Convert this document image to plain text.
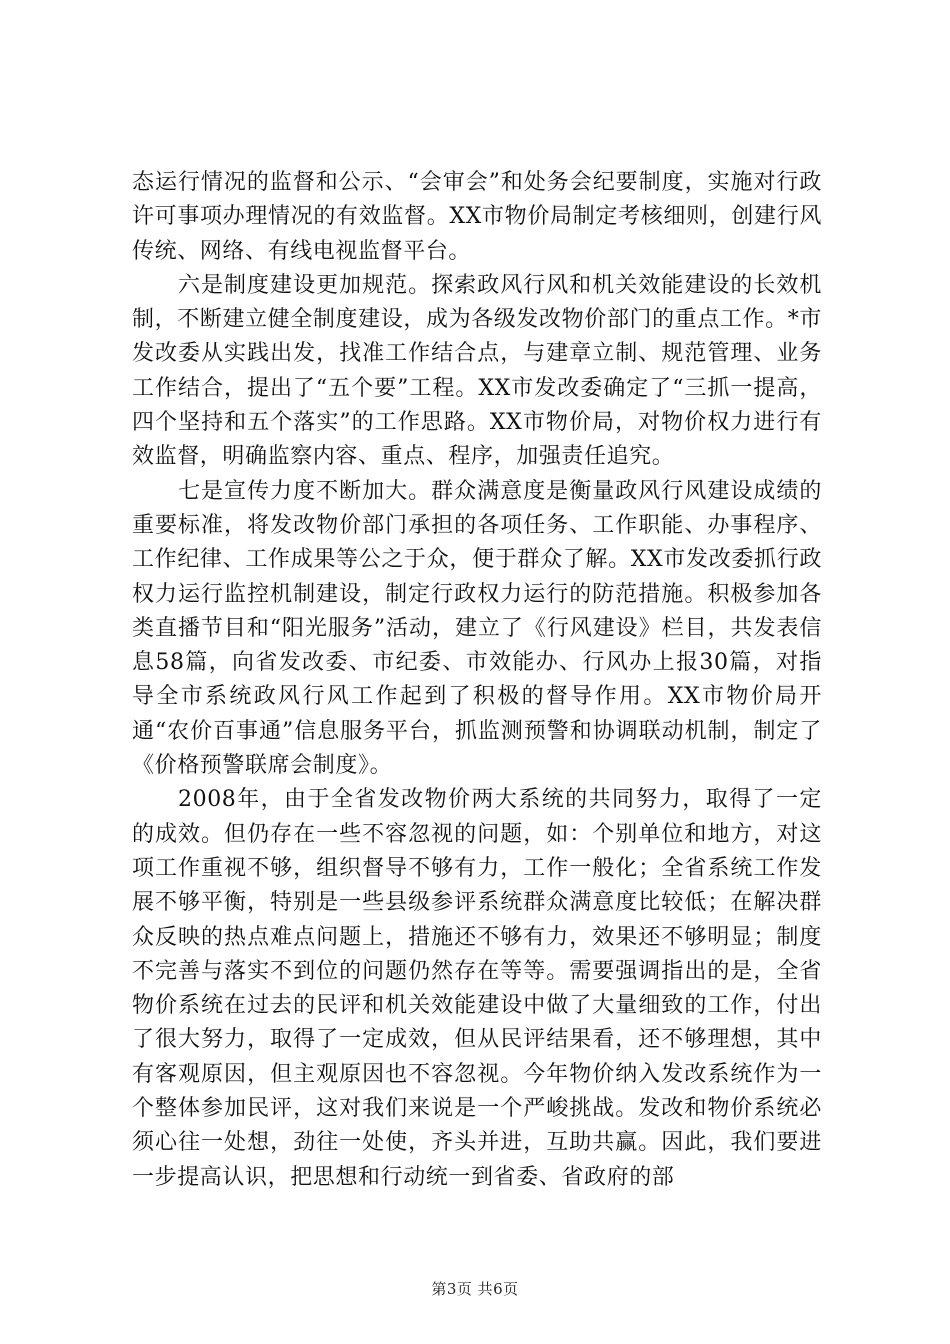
态运行情况的监督和公示、“会审会”和处务会纪要制度，实施对行政许可事项办理情况的有效监督。XX市物价局制定考核细则，创建行风传统、网络、有线电视监督平台。

六是制度建设更加规范。探索政风行风和机关效能建设的长效机制，不断建立健全制度建设，成为各级发改物价部门的重点工作。*市发改委从实践出发，找准工作结合点，与建章立制、规范管理、业务工作结合，提出了“五个要”工程。XX市发改委确定了“三抓一提高，四个坚持和五个落实”的工作思路。XX市物价局，对物价权力进行有效监督，明确监察内容、重点、程序，加强责任追究。

七是宣传力度不断加大。群众满意度是衡量政风行风建设成绩的重要标准，将发改物价部门承担的各项任务、工作职能、办事程序、工作纪律、工作成果等公之于众，便于群众了解。XX市发改委抓行政权力运行监控机制建设，制定行政权力运行的防范措施。积极参加各类直播节目和“阳光服务”活动，建立了《行风建设》栏目，共发表信息58篇，向省发改委、市纪委、市效能办、行风办上报30篇，对指导全市系统政风行风工作起到了积极的督导作用。XX市物价局开通“农价百事通”信息服务平台，抓监测预警和协调联动机制，制定了《价格预警联席会制度》。

2008年，由于全省发改物价两大系统的共同努力，取得了一定的成效。但仍存在一些不容忽视的问题，如：个别单位和地方，对这项工作重视不够，组织督导不够有力，工作一般化；全省系统工作发展不够平衡，特别是一些县级参评系统群众满意度比较低；在解决群众反映的热点难点问题上，措施还不够有力，效果还不够明显；制度不完善与落实不到位的问题仍然存在等等。需要强调指出的是，全省物价系统在过去的民评和机关效能建设中做了大量细致的工作，付出了很大努力，取得了一定成效，但从民评结果看，还不够理想，其中有客观原因，但主观原因也不容忽视。今年物价纳入发改系统作为一个整体参加民评，这对我们来说是一个严峻挑战。发改和物价系统必须心往一处想，劲往一处使，齐头并进，互助共赢。因此，我们要进一步提高认识，把思想和行动统一到省委、省政府的部

第3页 共6页
